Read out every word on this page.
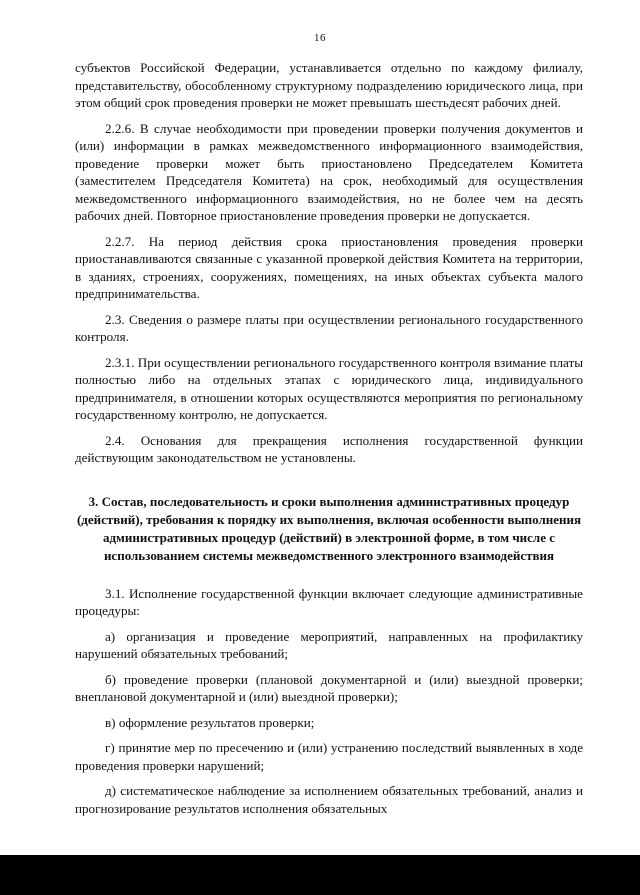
16

субъектов Российской Федерации, устанавливается отдельно по каждому филиалу, представительству, обособленному структурному подразделению юридического лица, при этом общий срок проведения проверки не может превышать шестьдесят рабочих дней.

2.2.6. В случае необходимости при проведении проверки получения документов и (или) информации в рамках межведомственного информационного взаимодействия, проведение проверки может быть приостановлено Председателем Комитета (заместителем Председателя Комитета) на срок, необходимый для осуществления межведомственного информационного взаимодействия, но не более чем на десять рабочих дней. Повторное приостановление проведения проверки не допускается.

2.2.7. На период действия срока приостановления проведения проверки приостанавливаются связанные с указанной проверкой действия Комитета на территории, в зданиях, строениях, сооружениях, помещениях, на иных объектах субъекта малого предпринимательства.

2.3. Сведения о размере платы при осуществлении регионального государственного контроля.

2.3.1. При осуществлении регионального государственного контроля взимание платы полностью либо на отдельных этапах с юридического лица, индивидуального предпринимателя, в отношении которых осуществляются мероприятия по региональному государственному контролю, не допускается.

2.4. Основания для прекращения исполнения государственной функции действующим законодательством не установлены.

3. Состав, последовательность и сроки выполнения административных процедур (действий), требования к порядку их выполнения, включая особенности выполнения административных процедур (действий) в электронной форме, в том числе с использованием системы межведомственного электронного взаимодействия

3.1. Исполнение государственной функции включает следующие административные процедуры:

а) организация и проведение мероприятий, направленных на профилактику нарушений обязательных требований;

б) проведение проверки (плановой документарной и (или) выездной проверки; внеплановой документарной и (или) выездной проверки);

в) оформление результатов проверки;

г) принятие мер по пресечению и (или) устранению последствий выявленных в ходе проведения проверки нарушений;

д) систематическое наблюдение за исполнением обязательных требований, анализ и прогнозирование результатов исполнения обязательных
